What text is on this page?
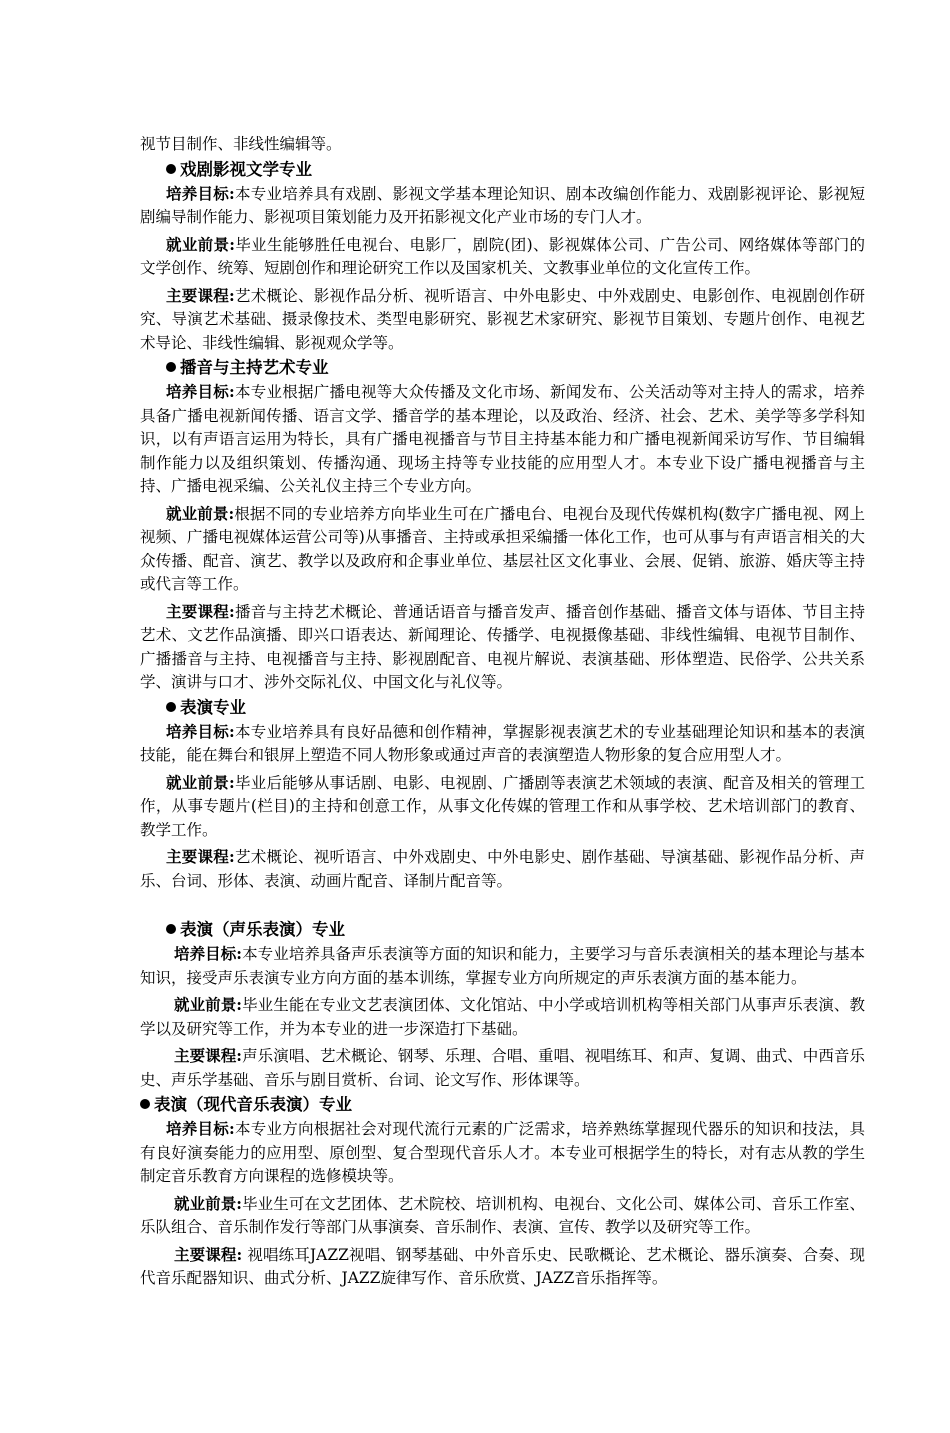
视节目制作、非线性编辑等。

戏剧影视文学专业

培养目标:本专业培养具有戏剧、影视文学基本理论知识、剧本改编创作能力、戏剧影视评论、影视短剧编导制作能力、影视项目策划能力及开拓影视文化产业市场的专门人才。

就业前景:毕业生能够胜任电视台、电影厂，剧院(团)、影视媒体公司、广告公司、网络媒体等部门的文学创作、统筹、短剧创作和理论研究工作以及国家机关、文教事业单位的文化宣传工作。

主要课程:艺术概论、影视作品分析、视听语言、中外电影史、中外戏剧史、电影创作、电视剧创作研究、导演艺术基础、摄录像技术、类型电影研究、影视艺术家研究、影视节目策划、专题片创作、电视艺术导论、非线性编辑、影视观众学等。

播音与主持艺术专业

培养目标:本专业根据广播电视等大众传播及文化市场、新闻发布、公关活动等对主持人的需求，培养具备广播电视新闻传播、语言文学、播音学的基本理论，以及政治、经济、社会、艺术、美学等多学科知识，以有声语言运用为特长，具有广播电视播音与节目主持基本能力和广播电视新闻采访写作、节目编辑制作能力以及组织策划、传播沟通、现场主持等专业技能的应用型人才。本专业下设广播电视播音与主持、广播电视采编、公关礼仪主持三个专业方向。

就业前景:根据不同的专业培养方向毕业生可在广播电台、电视台及现代传媒机构(数字广播电视、网上视频、广播电视媒体运营公司等)从事播音、主持或承担采编播一体化工作，也可从事与有声语言相关的大众传播、配音、演艺、教学以及政府和企事业单位、基层社区文化事业、会展、促销、旅游、婚庆等主持或代言等工作。

主要课程:播音与主持艺术概论、普通话语音与播音发声、播音创作基础、播音文体与语体、节目主持艺术、文艺作品演播、即兴口语表达、新闻理论、传播学、电视摄像基础、非线性编辑、电视节目制作、广播播音与主持、电视播音与主持、影视剧配音、电视片解说、表演基础、形体塑造、民俗学、公共关系学、演讲与口才、涉外交际礼仪、中国文化与礼仪等。

表演专业

培养目标:本专业培养具有良好品德和创作精神，掌握影视表演艺术的专业基础理论知识和基本的表演技能，能在舞台和银屏上塑造不同人物形象或通过声音的表演塑造人物形象的复合应用型人才。

就业前景:毕业后能够从事话剧、电影、电视剧、广播剧等表演艺术领域的表演、配音及相关的管理工作，从事专题片(栏目)的主持和创意工作，从事文化传媒的管理工作和从事学校、艺术培训部门的教育、教学工作。

主要课程:艺术概论、视听语言、中外戏剧史、中外电影史、剧作基础、导演基础、影视作品分析、声乐、台词、形体、表演、动画片配音、译制片配音等。

表演（声乐表演）专业

培养目标:本专业培养具备声乐表演等方面的知识和能力，主要学习与音乐表演相关的基本理论与基本知识，接受声乐表演专业方向方面的基本训练，掌握专业方向所规定的声乐表演方面的基本能力。

就业前景:毕业生能在专业文艺表演团体、文化馆站、中小学或培训机构等相关部门从事声乐表演、教学以及研究等工作，并为本专业的进一步深造打下基础。

主要课程:声乐演唱、艺术概论、钢琴、乐理、合唱、重唱、视唱练耳、和声、复调、曲式、中西音乐史、声乐学基础、音乐与剧目赏析、台词、论文写作、形体课等。

表演（现代音乐表演）专业

培养目标:本专业方向根据社会对现代流行元素的广泛需求，培养熟练掌握现代器乐的知识和技法，具有良好演奏能力的应用型、原创型、复合型现代音乐人才。本专业可根据学生的特长，对有志从教的学生制定音乐教育方向课程的选修模块等。

就业前景:毕业生可在文艺团体、艺术院校、培训机构、电视台、文化公司、媒体公司、音乐工作室、乐队组合、音乐制作发行等部门从事演奏、音乐制作、表演、宣传、教学以及研究等工作。

主要课程: 视唱练耳JAZZ视唱、钢琴基础、中外音乐史、民歌概论、艺术概论、器乐演奏、合奏、现代音乐配器知识、曲式分析、JAZZ旋律写作、音乐欣赏、JAZZ音乐指挥等。
